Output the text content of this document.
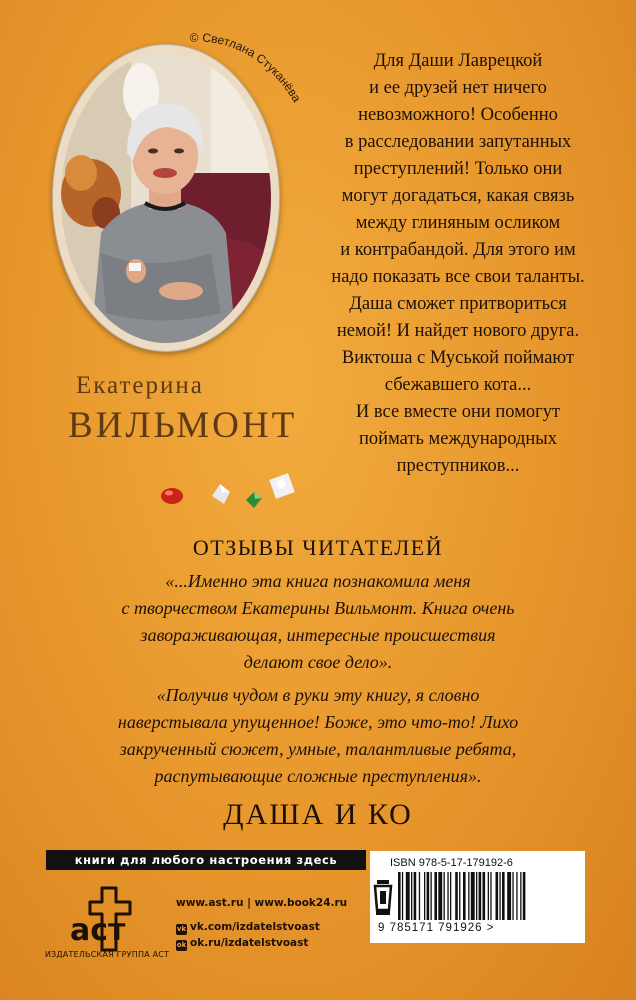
© Светлана Стуканёва
Екатерина
ВИЛЬМОНТ
Для Даши Лаврецкой
и ее друзей нет ничего
невозможного! Особенно
в расследовании запутанных
преступлений! Только они
могут догадаться, какая связь
между глиняным осликом
и контрабандой. Для этого им
надо показать все свои таланты.
Даша сможет притвориться
немой! И найдет нового друга.
Виктоша с Муськой поймают
сбежавшего кота...
И все вместе они помогут
поймать международных
преступников...
ОТЗЫВЫ ЧИТАТЕЛЕЙ
«...Именно эта книга познакомила меня
с творчеством Екатерины Вильмонт. Книга очень
завораживающая, интересные происшествия
делают свое дело».
«Получив чудом в руки эту книгу, я словно
наверстывала упущенное! Боже, это что-то! Лихо
закрученный сюжет, умные, талантливые ребята,
распутывающие сложные преступления».
ДАША И КО
книги для любого настроения здесь
аст
ИЗДАТЕЛЬСКАЯ ГРУППА АСТ
www.ast.ru | www.book24.ru
vk vk.com/izdatelstvoast
ok ok.ru/izdatelstvoast
ISBN 978-5-17-179192-6
9 785171 791926 >
